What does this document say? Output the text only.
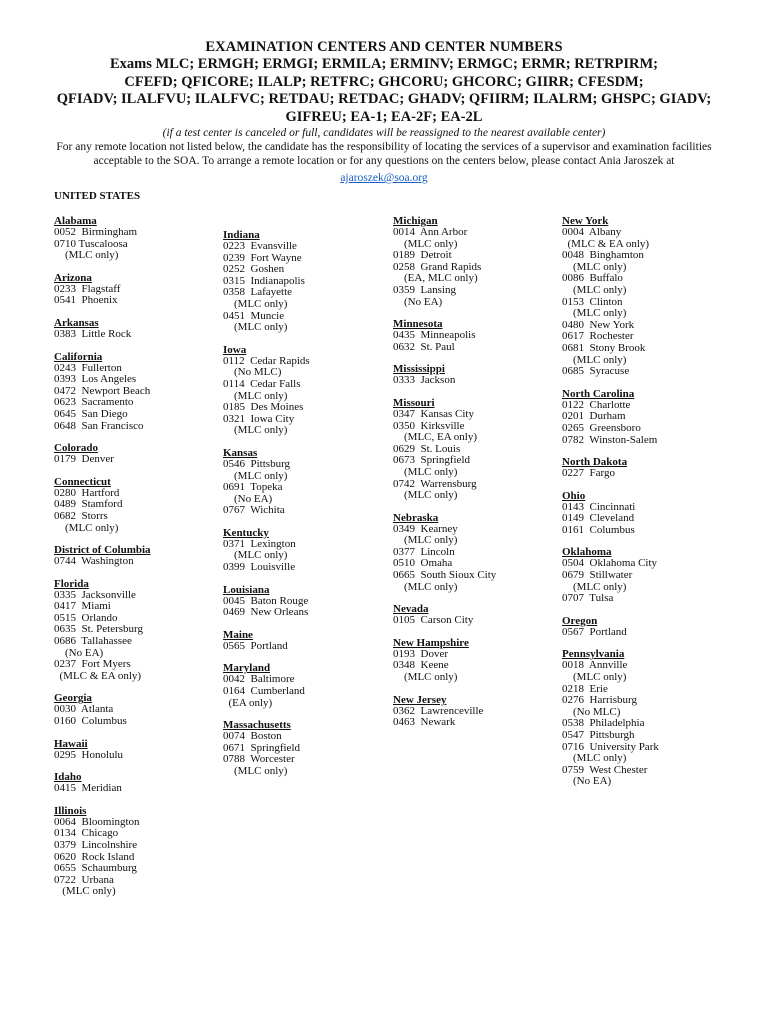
EXAMINATION CENTERS AND CENTER NUMBERS
Exams MLC; ERMGH; ERMGI; ERMILA; ERMINV; ERMGC; ERMR; RETRPIRM;
CFEFD; QFICORE; ILALP; RETFRC; GHCORU; GHCORC; GIIRR; CFESDM;
QFIADV; ILALFVU; ILALFVC; RETDAU; RETDAC; GHADV; QFIIRM; ILALRM; GHSPC; GIADV;
GIFREU; EA-1; EA-2F; EA-2L
(if a test center is canceled or full, candidates will be reassigned to the nearest available center)
For any remote location not listed below, the candidate has the responsibility of locating the services of a supervisor and examination facilities
acceptable to the SOA. To arrange a remote location or for any questions on the centers below, please contact Ania Jaroszek at
ajaroszek@soa.org
UNITED STATES
Alabama
0052  Birmingham
0710 Tuscaloosa
(MLC only)
Arizona
0233  Flagstaff
0541  Phoenix
Arkansas
0383  Little Rock
California
0243  Fullerton
0393  Los Angeles
0472  Newport Beach
0623  Sacramento
0645  San Diego
0648  San Francisco
Colorado
0179  Denver
Connecticut
0280  Hartford
0489  Stamford
0682  Storrs
(MLC only)
District of Columbia
0744  Washington
Florida
0335  Jacksonville
0417  Miami
0515  Orlando
0635  St. Petersburg
0686  Tallahassee
(No EA)
0237  Fort Myers
(MLC & EA only)
Georgia
0030  Atlanta
0160  Columbus
Hawaii
0295  Honolulu
Idaho
0415  Meridian
Illinois
0064  Bloomington
0134  Chicago
0379  Lincolnshire
0620  Rock Island
0655  Schaumburg
0722  Urbana
(MLC only)
Indiana
0223  Evansville
0239  Fort Wayne
0252  Goshen
0315  Indianapolis
0358  Lafayette
(MLC only)
0451  Muncie
(MLC only)
Iowa
0112  Cedar Rapids
(No MLC)
0114  Cedar Falls
(MLC only)
0185  Des Moines
0321  Iowa City
(MLC only)
Kansas
0546  Pittsburg
(MLC only)
0691  Topeka
(No EA)
0767  Wichita
Kentucky
0371  Lexington
(MLC only)
0399  Louisville
Louisiana
0045  Baton Rouge
0469  New Orleans
Maine
0565  Portland
Maryland
0042  Baltimore
0164  Cumberland
(EA only)
Massachusetts
0074  Boston
0671  Springfield
0788  Worcester
(MLC only)
Michigan
0014  Ann Arbor
(MLC only)
0189  Detroit
0258  Grand Rapids
(EA, MLC only)
0359  Lansing
(No EA)
Minnesota
0435  Minneapolis
0632  St. Paul
Mississippi
0333  Jackson
Missouri
0347  Kansas City
0350  Kirksville
(MLC, EA only)
0629  St. Louis
0673  Springfield
(MLC only)
0742  Warrensburg
(MLC only)
Nebraska
0349  Kearney
(MLC only)
0377  Lincoln
0510  Omaha
0665  South Sioux City
(MLC only)
Nevada
0105  Carson City
New Hampshire
0193  Dover
0348  Keene
(MLC only)
New Jersey
0362  Lawrenceville
0463  Newark
New York
0004  Albany
(MLC & EA only)
0048  Binghamton
(MLC only)
0086  Buffalo
(MLC only)
0153  Clinton
(MLC only)
0480  New York
0617  Rochester
0681  Stony Brook
(MLC only)
0685  Syracuse
North Carolina
0122  Charlotte
0201  Durham
0265  Greensboro
0782  Winston-Salem
North Dakota
0227  Fargo
Ohio
0143  Cincinnati
0149  Cleveland
0161  Columbus
Oklahoma
0504  Oklahoma City
0679  Stillwater
(MLC only)
0707  Tulsa
Oregon
0567  Portland
Pennsylvania
0018  Annville
(MLC only)
0218  Erie
0276  Harrisburg
(No MLC)
0538  Philadelphia
0547  Pittsburgh
0716  University Park
(MLC only)
0759  West Chester
(No EA)
